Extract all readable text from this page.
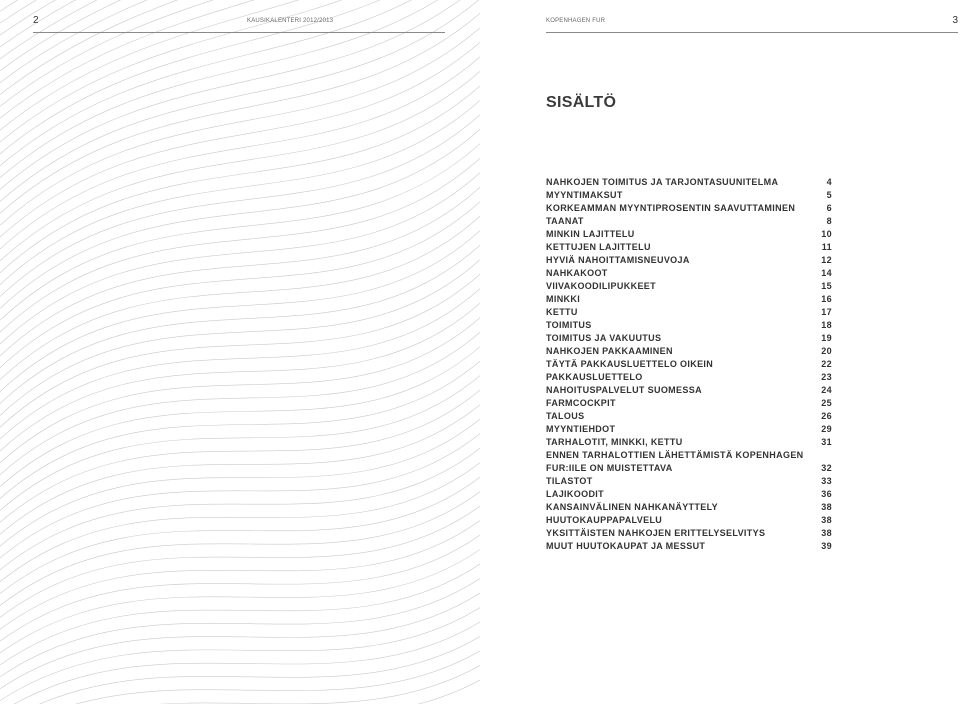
2	KAUSIKALENTERI 2012/2013	KOPENHAGEN FUR	3
SISÄLTÖ
NAHKOJEN TOIMITUS JA TARJONTASUUNITELMA	4
MYYNTIMAKSUT	5
KORKEAMMAN MYYNTIPROSENTIN SAAVUTTAMINEN	6
TAANAT	8
MINKIN LAJITTELU	10
KETTUJEN LAJITTELU	11
HYVIÄ NAHOITTAMISNEUVOJA	12
NAHKAKOOT	14
VIIVAKOODILIPUKKEET	15
MINKKI	16
KETTU	17
TOIMITUS	18
TOIMITUS JA VAKUUTUS	19
NAHKOJEN PAKKAAMINEN	20
TÄYTÄ PAKKAUSLUETTELO OIKEIN	22
PAKKAUSLUETTELO	23
NAHOITUSPALVELUT SUOMESSA	24
FARMCOCKPIT	25
TALOUS	26
MYYNTIEHDOT	29
TARHALOTIT, MINKKI, KETTU	31
ENNEN TARHALOTTIEN LÄHETTÄMISTÄ KOPENHAGEN
FUR:IILE ON MUISTETTAVA	32
TILASTOT	33
LAJIKOODIT	36
KANSAINVÄLINEN NAHKANÄYTTELY	38
HUUTOKAUPPAPALVELU	38
YKSITTÄISTEN NAHKOJEN ERITTELYSELVITYS	38
MUUT HUUTOKAUPAT JA MESSUT	39
